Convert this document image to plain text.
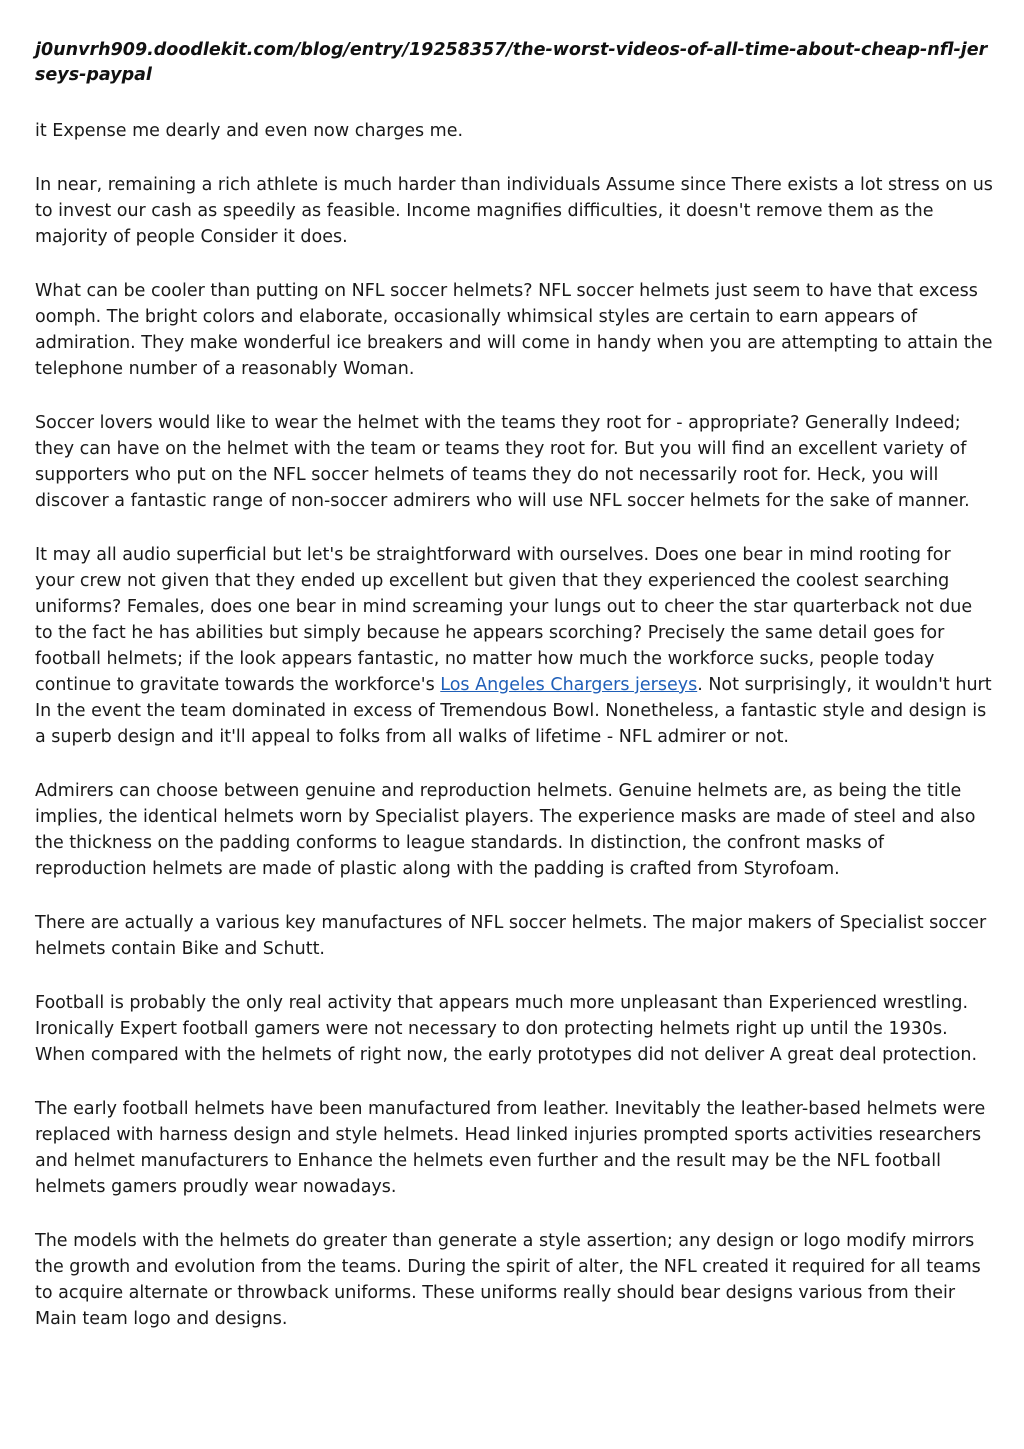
j0unvrh909.doodlekit.com/blog/entry/19258357/the-worst-videos-of-all-time-about-cheap-nfl-jerseys-paypal

it Expense me dearly and even now charges me.

In near, remaining a rich athlete is much harder than individuals Assume since There exists a lot stress on us to invest our cash as speedily as feasible. Income magnifies difficulties, it doesn't remove them as the majority of people Consider it does.

What can be cooler than putting on NFL soccer helmets? NFL soccer helmets just seem to have that excess oomph. The bright colors and elaborate, occasionally whimsical styles are certain to earn appears of admiration. They make wonderful ice breakers and will come in handy when you are attempting to attain the telephone number of a reasonably Woman.

Soccer lovers would like to wear the helmet with the teams they root for - appropriate? Generally Indeed; they can have on the helmet with the team or teams they root for. But you will find an excellent variety of supporters who put on the NFL soccer helmets of teams they do not necessarily root for. Heck, you will discover a fantastic range of non-soccer admirers who will use NFL soccer helmets for the sake of manner.

It may all audio superficial but let's be straightforward with ourselves. Does one bear in mind rooting for your crew not given that they ended up excellent but given that they experienced the coolest searching uniforms? Females, does one bear in mind screaming your lungs out to cheer the star quarterback not due to the fact he has abilities but simply because he appears scorching? Precisely the same detail goes for football helmets; if the look appears fantastic, no matter how much the workforce sucks, people today continue to gravitate towards the workforce's Los Angeles Chargers jerseys. Not surprisingly, it wouldn't hurt In the event the team dominated in excess of Tremendous Bowl. Nonetheless, a fantastic style and design is a superb design and it'll appeal to folks from all walks of lifetime - NFL admirer or not.

Admirers can choose between genuine and reproduction helmets. Genuine helmets are, as being the title implies, the identical helmets worn by Specialist players. The experience masks are made of steel and also the thickness on the padding conforms to league standards. In distinction, the confront masks of reproduction helmets are made of plastic along with the padding is crafted from Styrofoam.

There are actually a various key manufactures of NFL soccer helmets. The major makers of Specialist soccer helmets contain Bike and Schutt.

Football is probably the only real activity that appears much more unpleasant than Experienced wrestling. Ironically Expert football gamers were not necessary to don protecting helmets right up until the 1930s. When compared with the helmets of right now, the early prototypes did not deliver A great deal protection.

The early football helmets have been manufactured from leather. Inevitably the leather-based helmets were replaced with harness design and style helmets. Head linked injuries prompted sports activities researchers and helmet manufacturers to Enhance the helmets even further and the result may be the NFL football helmets gamers proudly wear nowadays.

The models with the helmets do greater than generate a style assertion; any design or logo modify mirrors the growth and evolution from the teams. During the spirit of alter, the NFL created it required for all teams to acquire alternate or throwback uniforms. These uniforms really should bear designs various from their Main team logo and designs.
